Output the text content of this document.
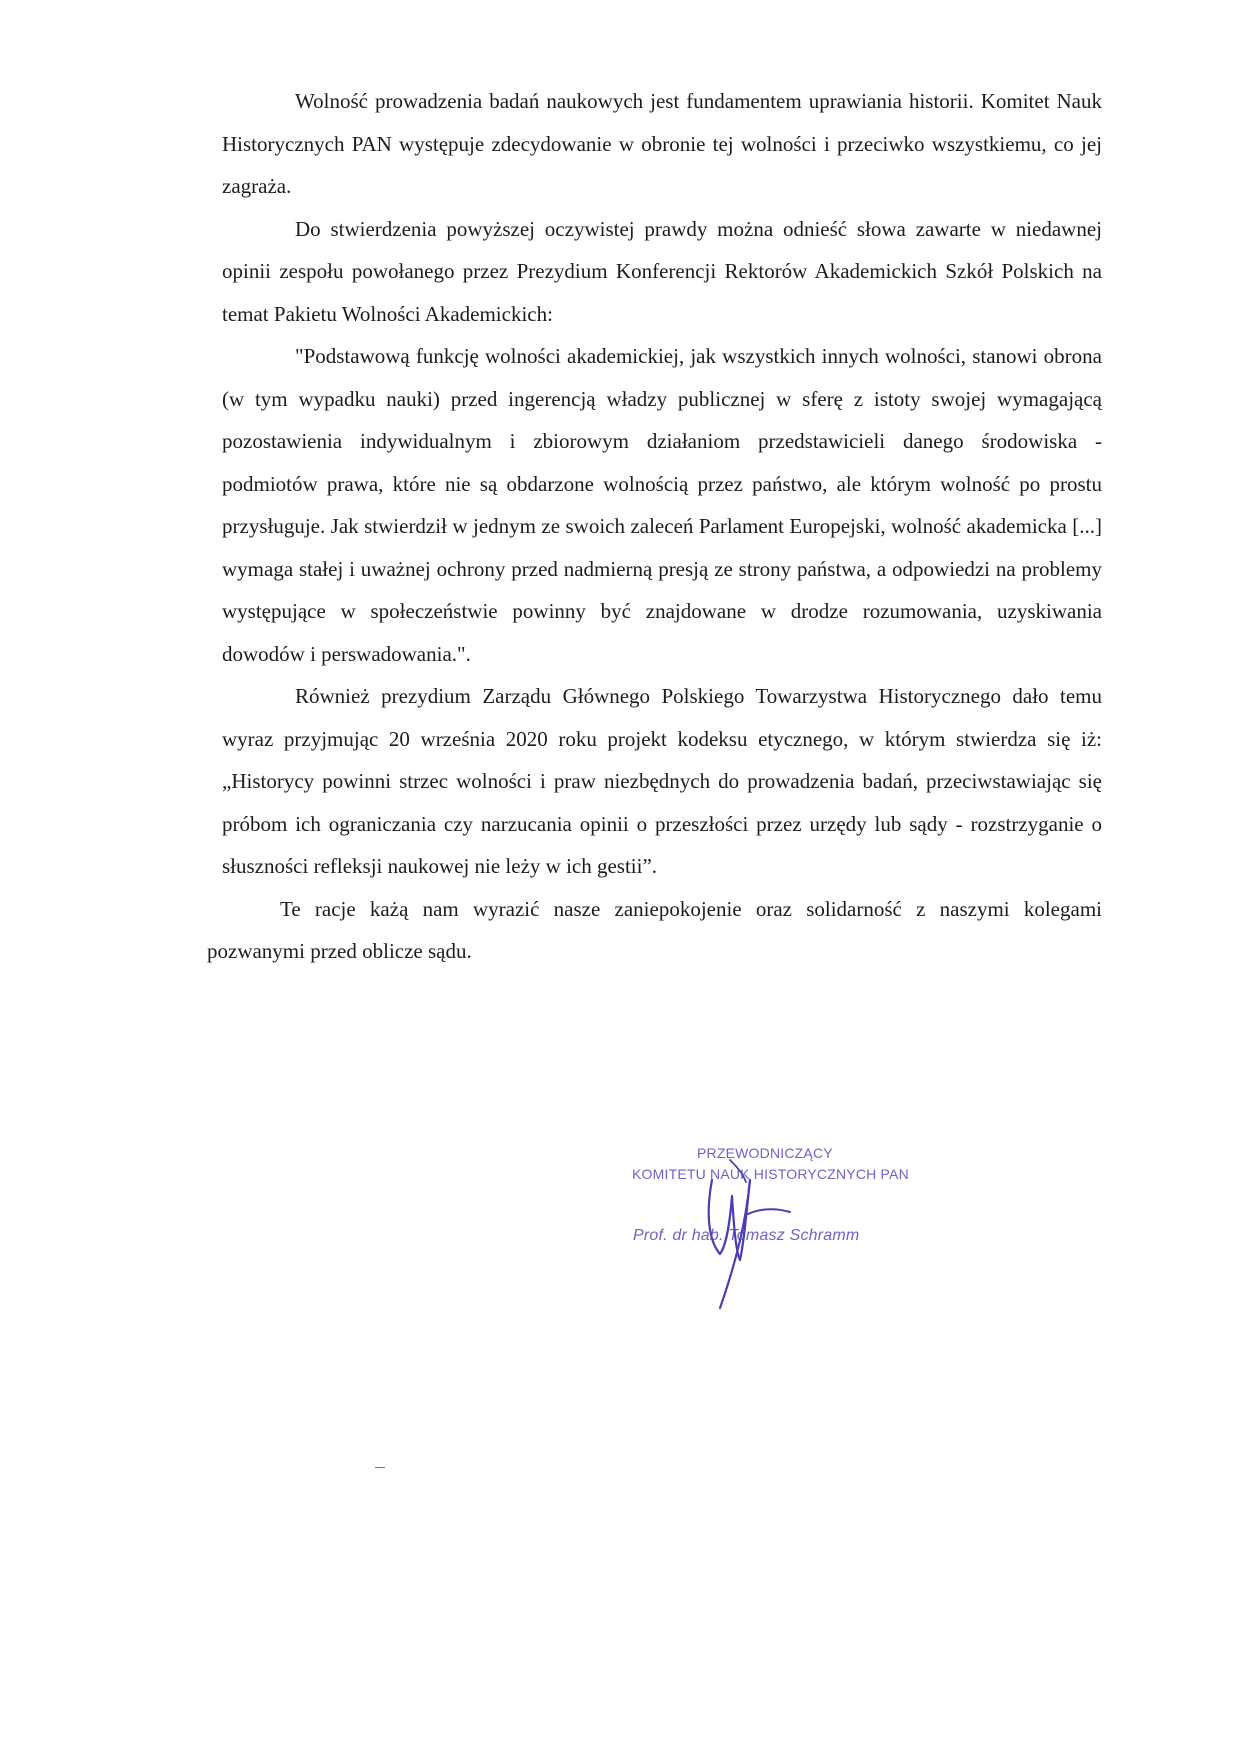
Wolność prowadzenia badań naukowych jest fundamentem uprawiania historii. Komitet Nauk Historycznych PAN występuje zdecydowanie w obronie tej wolności i przeciwko wszystkiemu, co jej zagraża.

Do stwierdzenia powyższej oczywistej prawdy można odnieść słowa zawarte w niedawnej opinii zespołu powołanego przez Prezydium Konferencji Rektorów Akademickich Szkół Polskich na temat Pakietu Wolności Akademickich:

"Podstawową funkcję wolności akademickiej, jak wszystkich innych wolności, stanowi obrona (w tym wypadku nauki) przed ingerencją władzy publicznej w sferę z istoty swojej wymagającą pozostawienia indywidualnym i zbiorowym działaniom przedstawicieli danego środowiska - podmiotów prawa, które nie są obdarzone wolnością przez państwo, ale którym wolność po prostu przysługuje. Jak stwierdził w jednym ze swoich zaleceń Parlament Europejski, wolność akademicka [...] wymaga stałej i uważnej ochrony przed nadmierną presją ze strony państwa, a odpowiedzi na problemy występujące w społeczeństwie powinny być znajdowane w drodze rozumowania, uzyskiwania dowodów i perswadowania.".

Również prezydium Zarządu Głównego Polskiego Towarzystwa Historycznego dało temu wyraz przyjmując 20 września 2020 roku projekt kodeksu etycznego, w którym stwierdza się iż: „Historycy powinni strzec wolności i praw niezbędnych do prowadzenia badań, przeciwstawiając się próbom ich ograniczania czy narzucania opinii o przeszłości przez urzędy lub sądy - rozstrzyganie o słuszności refleksji naukowej nie leży w ich gestii”.

Te racje każą nam wyrazić nasze zaniepokojenie oraz solidarność z naszymi kolegami pozwanymi przed oblicze sądu.

PRZEWODNICZĄCY
KOMITETU NAUK HISTORYCZNYCH PAN
Prof. dr hab. Tomasz Schramm
